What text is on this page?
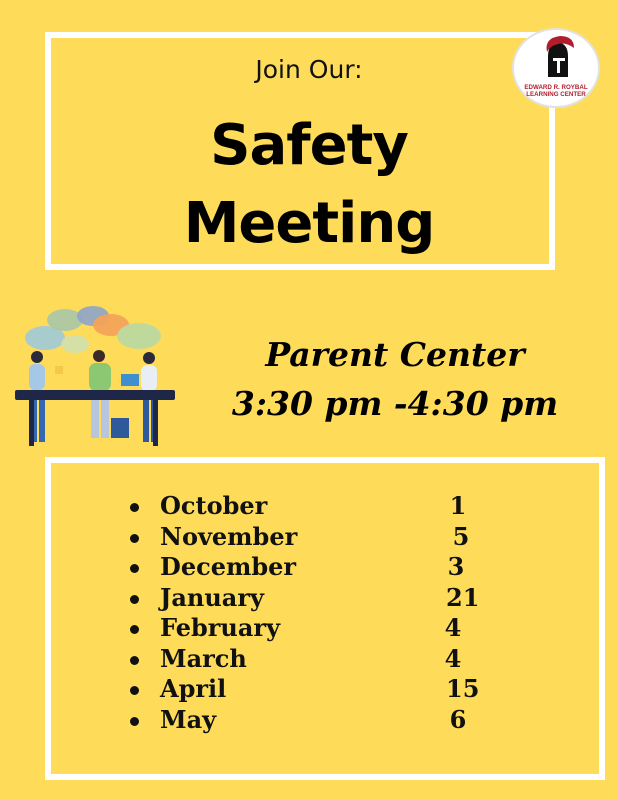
Join Our:
Safety
Meeting
EDWARD R. ROYBAL
LEARNING CENTER
Parent Center
3:30 pm -4:30 pm
October	1
November	5
December	3
January	21
February	4
March	4
April	15
May	6
